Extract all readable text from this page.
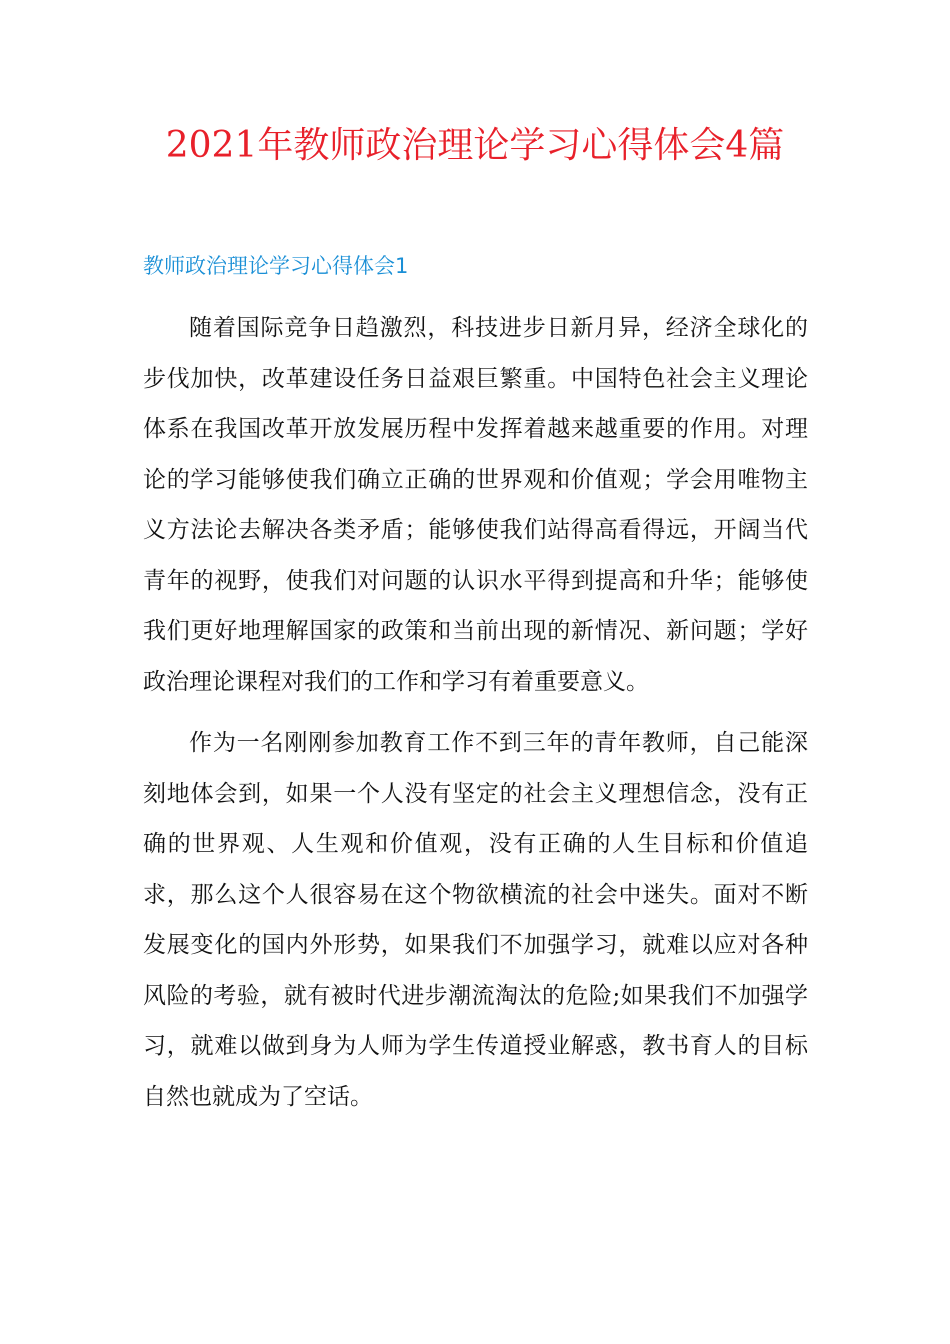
2021年教师政治理论学习心得体会4篇
教师政治理论学习心得体会1

随着国际竞争日趋激烈，科技进步日新月异，经济全球化的步伐加快，改革建设任务日益艰巨繁重。中国特色社会主义理论体系在我国改革开放发展历程中发挥着越来越重要的作用。对理论的学习能够使我们确立正确的世界观和价值观；学会用唯物主义方法论去解决各类矛盾；能够使我们站得高看得远，开阔当代青年的视野，使我们对问题的认识水平得到提高和升华；能够使我们更好地理解国家的政策和当前出现的新情况、新问题；学好政治理论课程对我们的工作和学习有着重要意义。

作为一名刚刚参加教育工作不到三年的青年教师，自己能深刻地体会到，如果一个人没有坚定的社会主义理想信念，没有正确的世界观、人生观和价值观，没有正确的人生目标和价值追求，那么这个人很容易在这个物欲横流的社会中迷失。面对不断发展变化的国内外形势，如果我们不加强学习，就难以应对各种风险的考验，就有被时代进步潮流淘汰的危险;如果我们不加强学习，就难以做到身为人师为学生传道授业解惑，教书育人的目标自然也就成为了空话。
